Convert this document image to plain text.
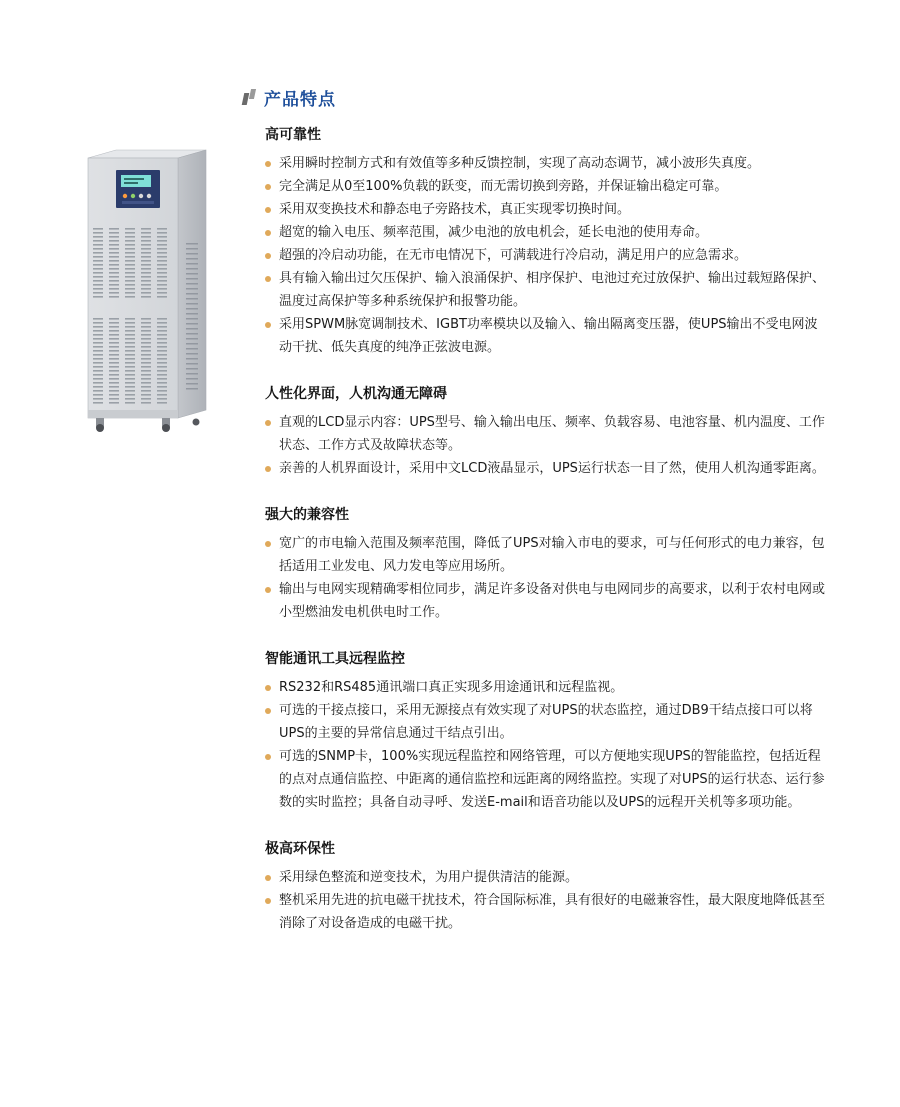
产品特点
高可靠性
采用瞬时控制方式和有效值等多种反馈控制，实现了高动态调节，减小波形失真度。
完全满足从0至100%负载的跃变，而无需切换到旁路，并保证输出稳定可靠。
采用双变换技术和静态电子旁路技术，真正实现零切换时间。
超宽的输入电压、频率范围，减少电池的放电机会，延长电池的使用寿命。
超强的冷启动功能，在无市电情况下，可满载进行冷启动，满足用户的应急需求。
具有输入输出过欠压保护、输入浪涌保护、相序保护、电池过充过放保护、输出过载短路保护、温度过高保护等多种系统保护和报警功能。
采用SPWM脉宽调制技术、IGBT功率模块以及输入、输出隔离变压器，使UPS输出不受电网波动干扰、低失真度的纯净正弦波电源。
人性化界面，人机沟通无障碍
直观的LCD显示内容：UPS型号、输入输出电压、频率、负载容易、电池容量、机内温度、工作状态、工作方式及故障状态等。
亲善的人机界面设计，采用中文LCD液晶显示，UPS运行状态一目了然，使用人机沟通零距离。
强大的兼容性
宽广的市电输入范围及频率范围，降低了UPS对输入市电的要求，可与任何形式的电力兼容，包括适用工业发电、风力发电等应用场所。
输出与电网实现精确零相位同步，满足许多设备对供电与电网同步的高要求，以利于农村电网或小型燃油发电机供电时工作。
智能通讯工具远程监控
RS232和RS485通讯端口真正实现多用途通讯和远程监视。
可选的干接点接口，采用无源接点有效实现了对UPS的状态监控，通过DB9干结点接口可以将UPS的主要的异常信息通过干结点引出。
可选的SNMP卡，100%实现远程监控和网络管理，可以方便地实现UPS的智能监控，包括近程的点对点通信监控、中距离的通信监控和远距离的网络监控。实现了对UPS的运行状态、运行参数的实时监控；具备自动寻呼、发送E-mail和语音功能以及UPS的远程开关机等多项功能。
极高环保性
采用绿色整流和逆变技术，为用户提供清洁的能源。
整机采用先进的抗电磁干扰技术，符合国际标准，具有很好的电磁兼容性，最大限度地降低甚至消除了对设备造成的电磁干扰。
